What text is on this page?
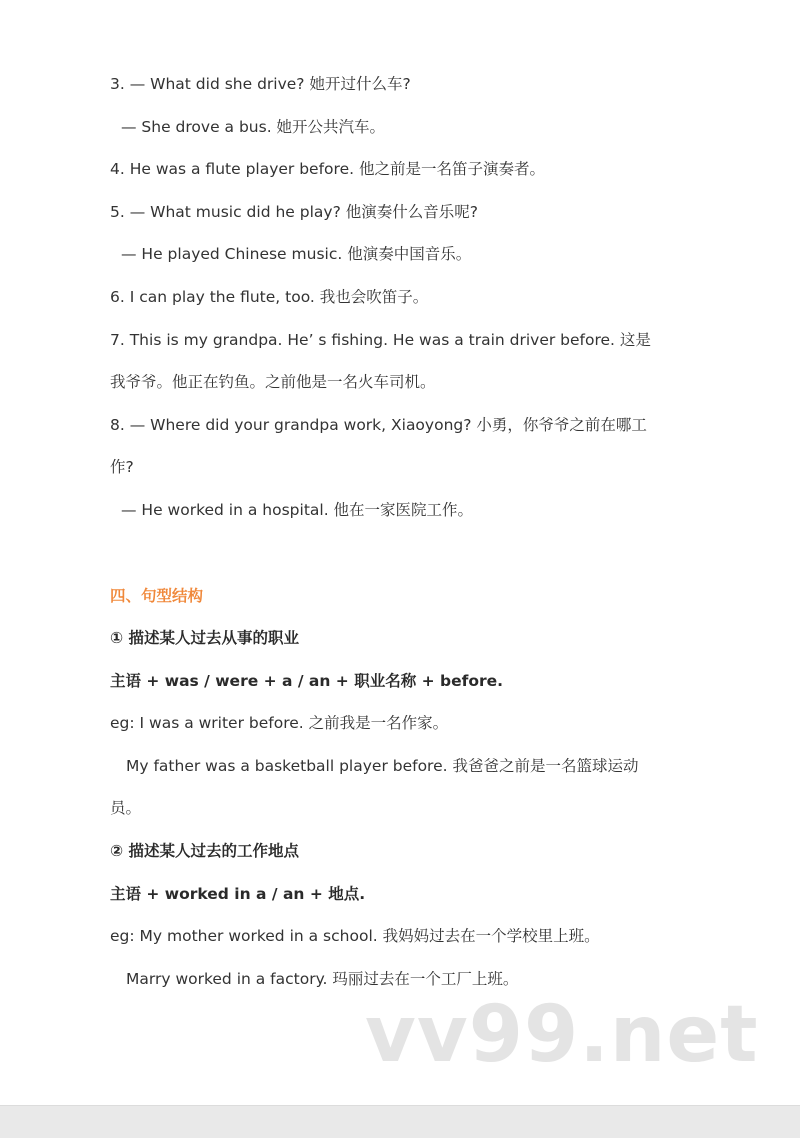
3. — What did she drive? 她开过什么车?
— She drove a bus. 她开公共汽车。
4. He was a flute player before. 他之前是一名笛子演奏者。
5. — What music did he play? 他演奏什么音乐呢?
— He played Chinese music. 他演奏中国音乐。
6. I can play the flute, too. 我也会吹笛子。
7. This is my grandpa. He’ s fishing. He was a train driver before. 这是
我爷爷。他正在钓鱼。之前他是一名火车司机。
8. — Where did your grandpa work, Xiaoyong? 小勇，你爷爷之前在哪工
作?
— He worked in a hospital. 他在一家医院工作。
四、句型结构
① 描述某人过去从事的职业
主语 + was / were + a / an + 职业名称 + before.
eg: I was a writer before. 之前我是一名作家。
My father was a basketball player before. 我爸爸之前是一名篮球运动
员。
② 描述某人过去的工作地点
主语 + worked in a / an + 地点.
eg: My mother worked in a school. 我妈妈过去在一个学校里上班。
Marry worked in a factory. 玛丽过去在一个工厂上班。
vv99.net
